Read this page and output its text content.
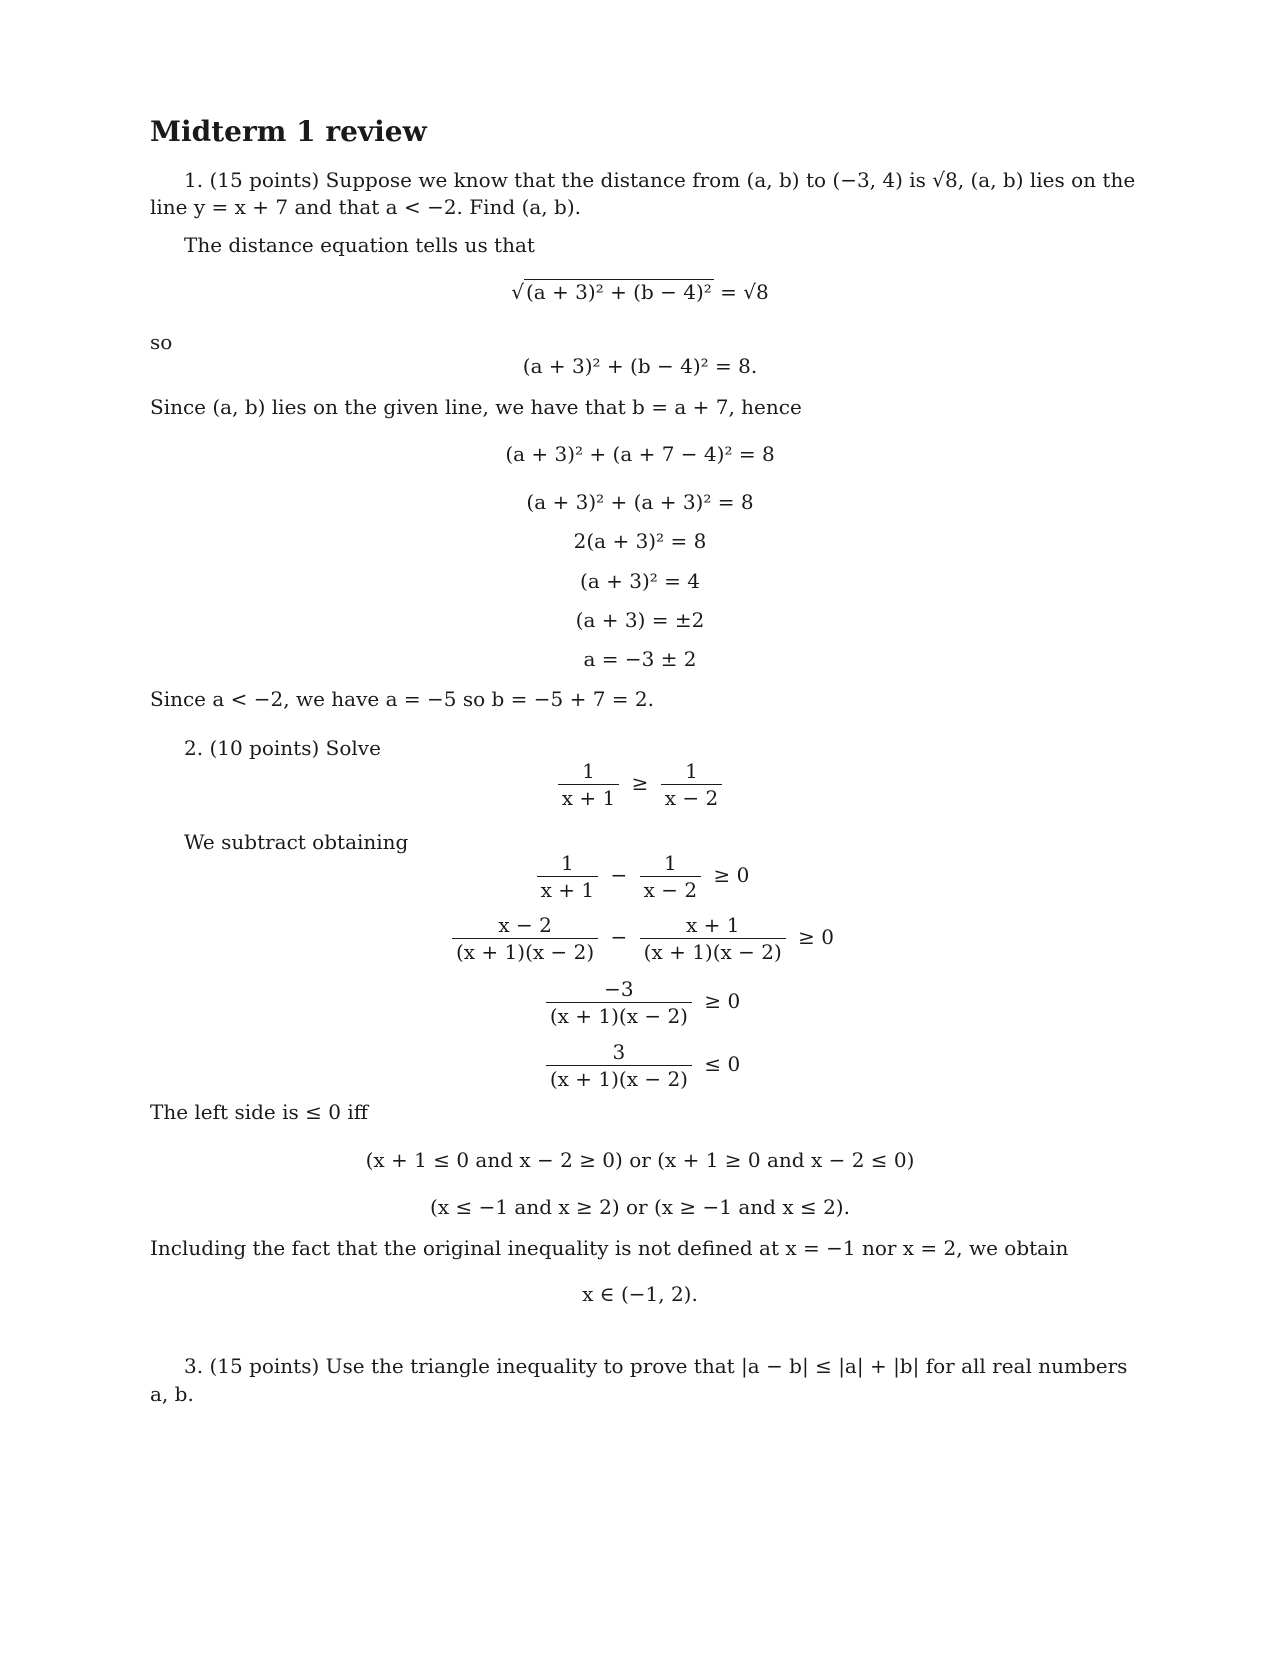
Midterm 1 review
1. (15 points) Suppose we know that the distance from (a, b) to (−3, 4) is √8, (a, b) lies on the
line y = x + 7 and that a < −2. Find (a, b).
The distance equation tells us that
√ (a + 3)² + (b − 4)² = √8
so
(a + 3)² + (b − 4)² = 8.
Since (a, b) lies on the given line, we have that b = a + 7, hence
(a + 3)² + (a + 7 − 4)² = 8
(a + 3)² + (a + 3)² = 8
2(a + 3)² = 8
(a + 3)² = 4
(a + 3) = ±2
a = −3 ± 2
Since a < −2, we have a = −5 so b = −5 + 7 = 2.
2. (10 points) Solve
$\frac{1}{x + 1} \ge \frac{1}{x - 2}$
We subtract obtaining
$\frac{1}{x + 1} - \frac{1}{x - 2} \ge 0$
$\frac{x - 2}{(x + 1)(x - 2)} - \frac{x + 1}{(x + 1)(x - 2)} \ge 0$
$\frac{-3}{(x + 1)(x - 2)} \ge 0$
$\frac{3}{(x + 1)(x - 2)} \le 0$
The left side is ≤ 0 iff
(x + 1 ≤ 0 and x − 2 ≥ 0) or (x + 1 ≥ 0 and x − 2 ≤ 0)
(x ≤ −1 and x ≥ 2) or (x ≥ −1 and x ≤ 2).
Including the fact that the original inequality is not defined at x = −1 nor x = 2, we obtain
x ∈ (−1, 2).
3. (15 points) Use the triangle inequality to prove that |a − b| ≤ |a| + |b| for all real numbers
a, b.
